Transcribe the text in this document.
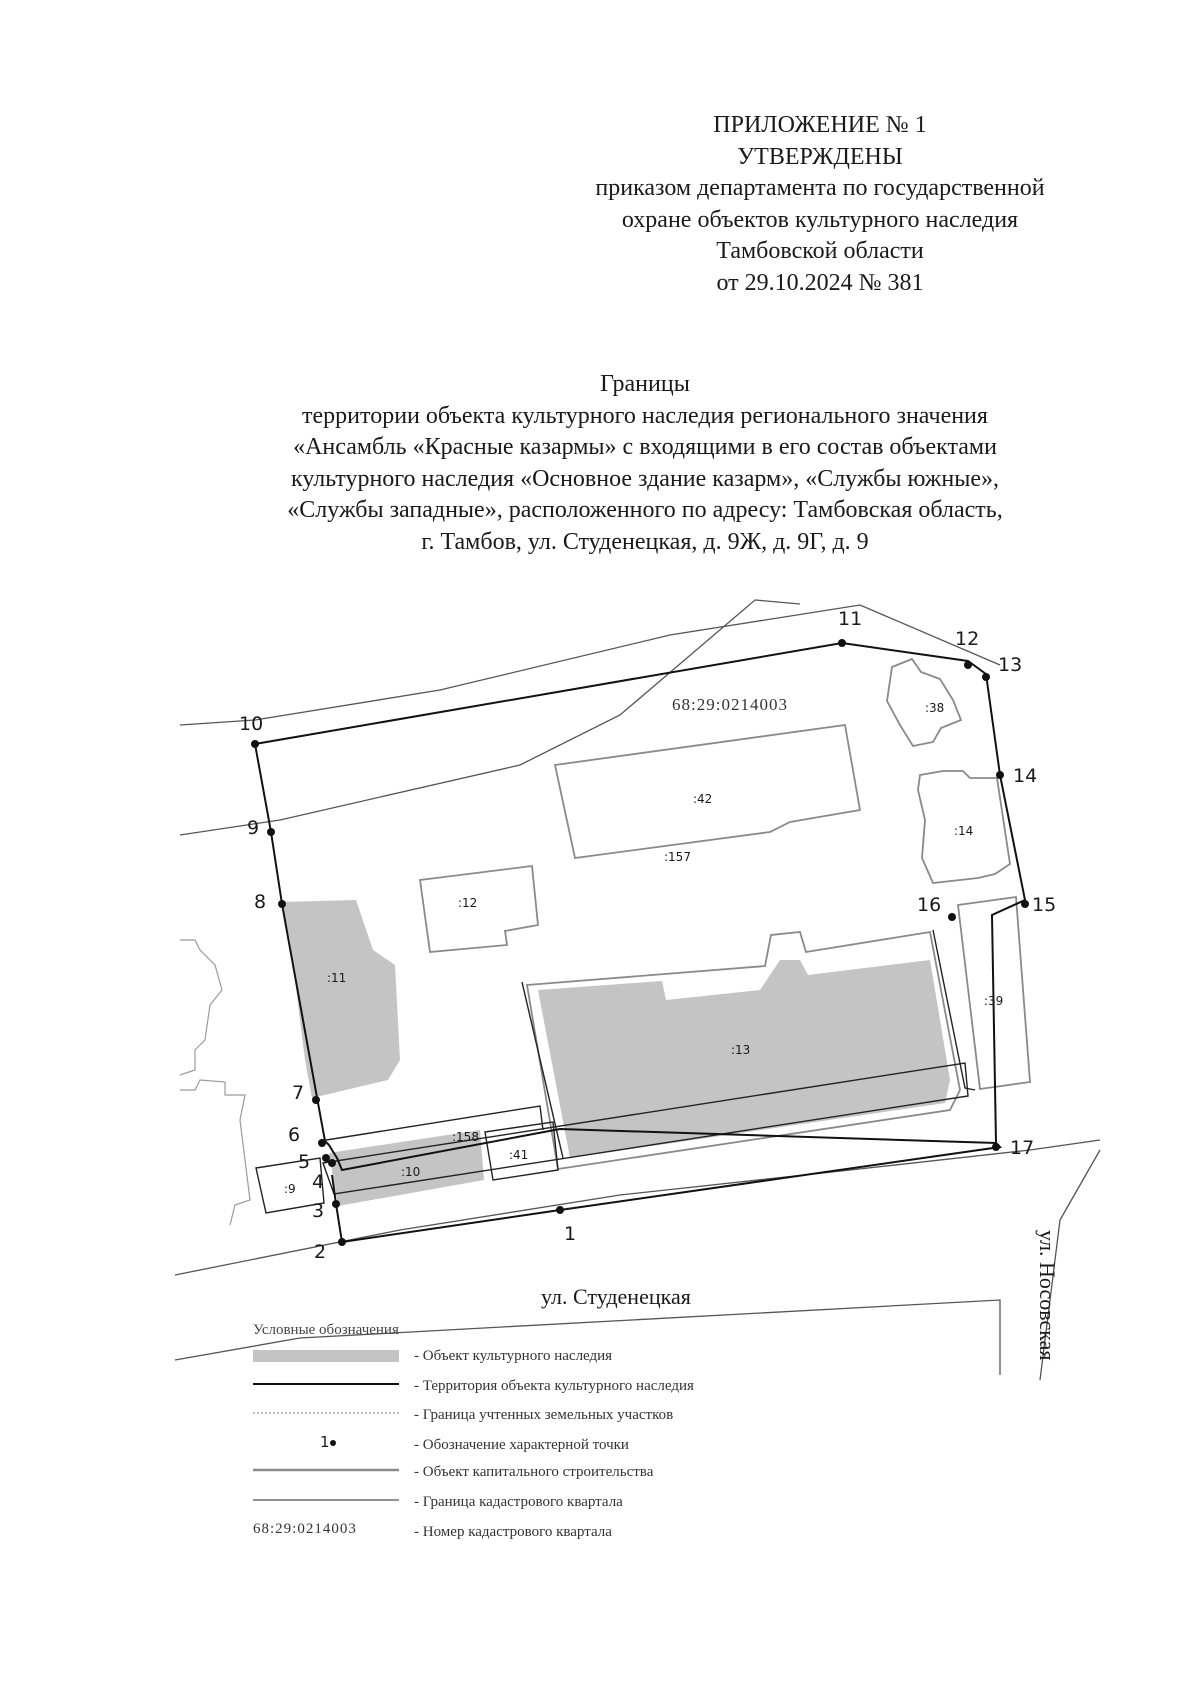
ПРИЛОЖЕНИЕ № 1
УТВЕРЖДЕНЫ
приказом департамента по государственной
охране объектов культурного наследия
Тамбовской области
от 29.10.2024 № 381
Границы
территории объекта культурного наследия регионального значения
«Ансамбль «Красные казармы» с входящими в его состав объектами
культурного наследия «Основное здание казарм», «Службы южные»,
«Службы западные», расположенного по адресу: Тамбовская область,
г. Тамбов, ул. Студенецкая, д. 9Ж, д. 9Г, д. 9
1
2
3
4
5
6
7
8
9
10
11
12
13
14
15
16
17
:38
:42
:157
:14
:12
:11
:39
:13
:158
:41
:10
:9
68:29:0214003
ул. Студенецкая	ул. Носовская
1
68:29:0214003
Условные обозначения
- Объект культурного наследия
- Территория объекта культурного наследия
- Граница учтенных земельных участков
- Обозначение характерной точки
- Объект капитального строительства
- Граница кадастрового квартала
- Номер кадастрового квартала
